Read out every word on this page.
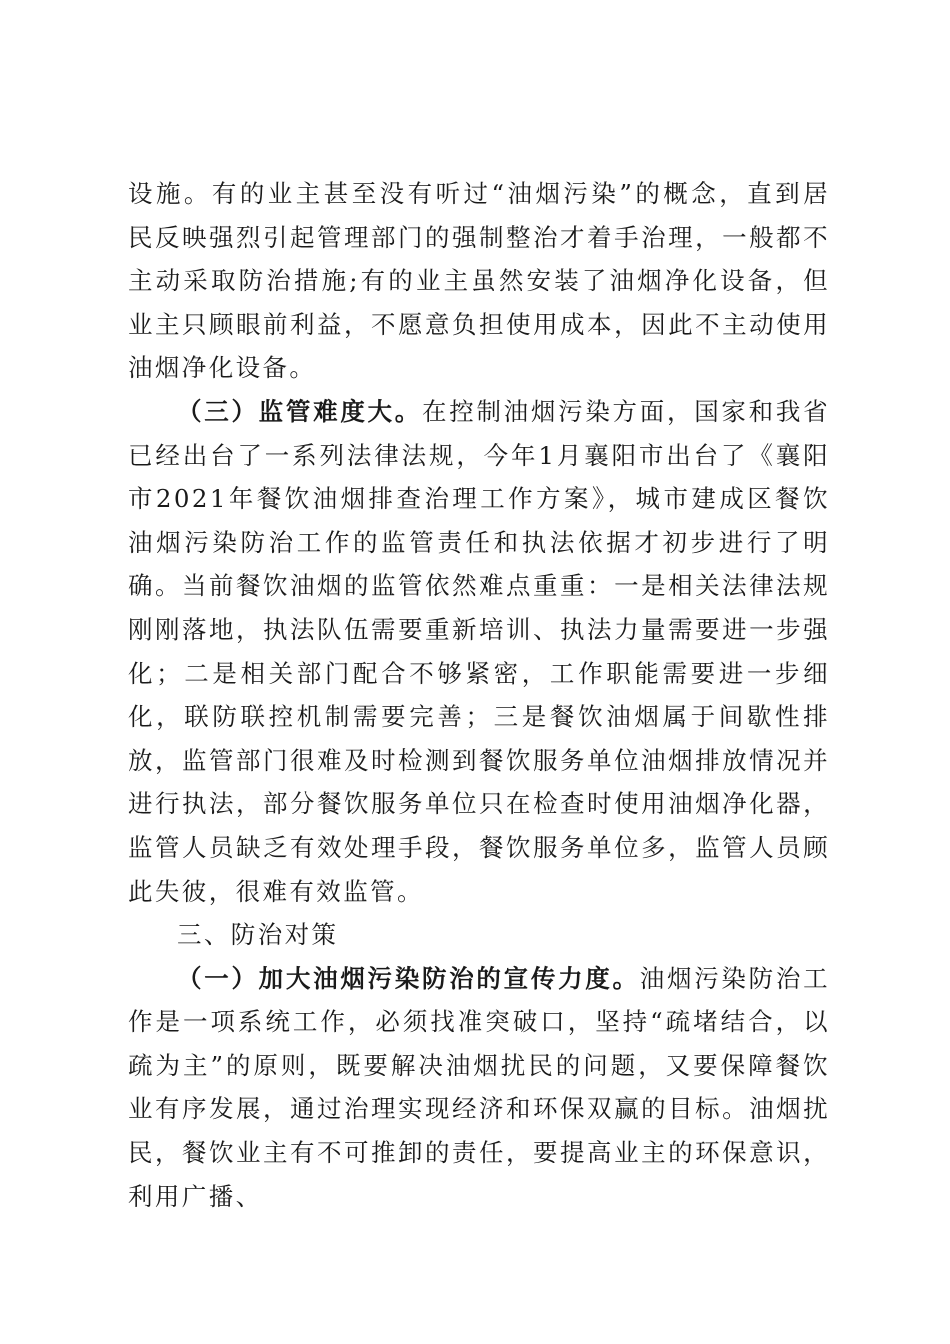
设施。有的业主甚至没有听过“油烟污染”的概念，直到居民反映强烈引起管理部门的强制整治才着手治理，一般都不主动采取防治措施;有的业主虽然安装了油烟净化设备，但业主只顾眼前利益，不愿意负担使用成本，因此不主动使用油烟净化设备。

（三）监管难度大。在控制油烟污染方面，国家和我省已经出台了一系列法律法规，今年1月襄阳市出台了《襄阳市2021年餐饮油烟排查治理工作方案》，城市建成区餐饮油烟污染防治工作的监管责任和执法依据才初步进行了明确。当前餐饮油烟的监管依然难点重重：一是相关法律法规刚刚落地，执法队伍需要重新培训、执法力量需要进一步强化；二是相关部门配合不够紧密，工作职能需要进一步细化，联防联控机制需要完善；三是餐饮油烟属于间歇性排放，监管部门很难及时检测到餐饮服务单位油烟排放情况并进行执法，部分餐饮服务单位只在检查时使用油烟净化器，监管人员缺乏有效处理手段，餐饮服务单位多，监管人员顾此失彼，很难有效监管。

三、防治对策

（一）加大油烟污染防治的宣传力度。油烟污染防治工作是一项系统工作，必须找准突破口，坚持“疏堵结合，以疏为主”的原则，既要解决油烟扰民的问题，又要保障餐饮业有序发展，通过治理实现经济和环保双赢的目标。油烟扰民，餐饮业主有不可推卸的责任，要提高业主的环保意识，利用广播、
